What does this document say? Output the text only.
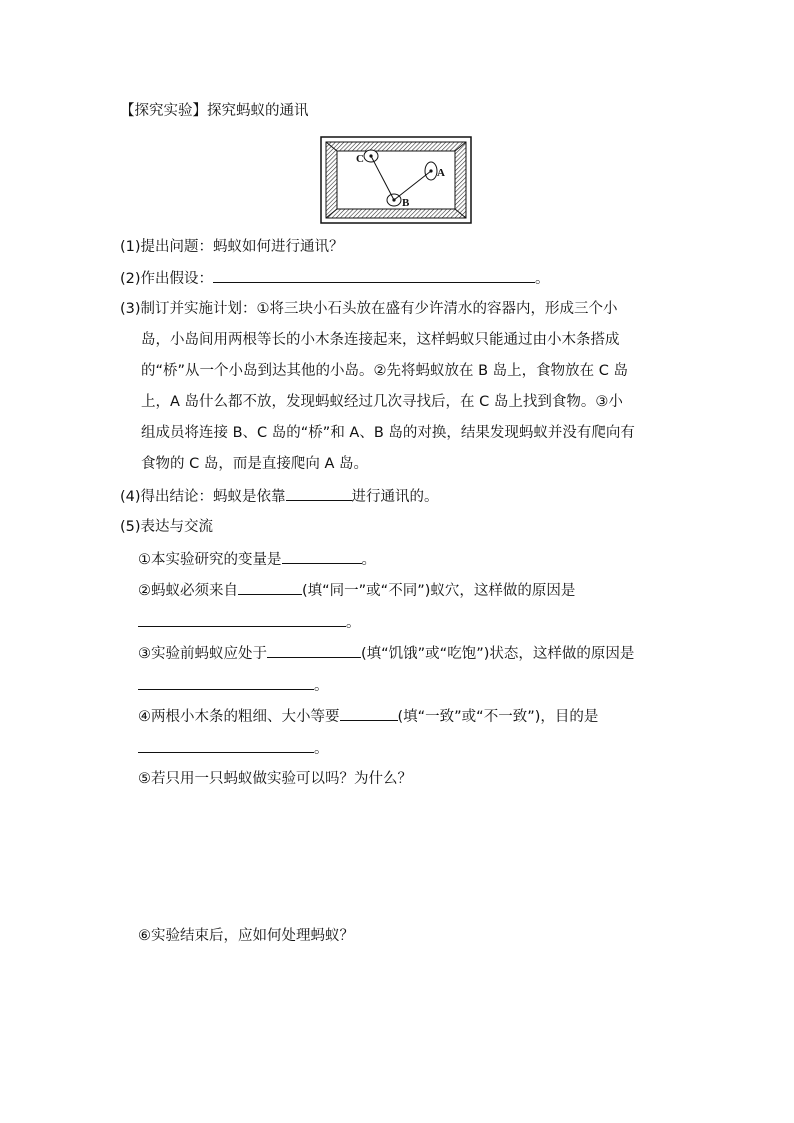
【探究实验】探究蚂蚁的通讯
C
A
B
(1)提出问题：蚂蚁如何进行通讯？
(2)作出假设：	。
(3)制订并实施计划：①将三块小石头放在盛有少许清水的容器内，形成三个小
岛，小岛间用两根等长的小木条连接起来，这样蚂蚁只能通过由小木条搭成
的“桥”从一个小岛到达其他的小岛。②先将蚂蚁放在 B 岛上，食物放在 C 岛
上，A 岛什么都不放，发现蚂蚁经过几次寻找后，在 C 岛上找到食物。③小
组成员将连接 B、C 岛的“桥”和 A、B 岛的对换，结果发现蚂蚁并没有爬向有
食物的 C 岛，而是直接爬向 A 岛。
(4)得出结论：蚂蚁是依靠	进行通讯的。
(5)表达与交流
①本实验研究的变量是	。
②蚂蚁必须来自	(填“同一”或“不同”)蚁穴，这样做的原因是
。
③实验前蚂蚁应处于	(填“饥饿”或“吃饱”)状态，这样做的原因是
。
④两根小木条的粗细、大小等要	(填“一致”或“不一致”)，目的是
。
⑤若只用一只蚂蚁做实验可以吗？为什么？
⑥实验结束后，应如何处理蚂蚁？
